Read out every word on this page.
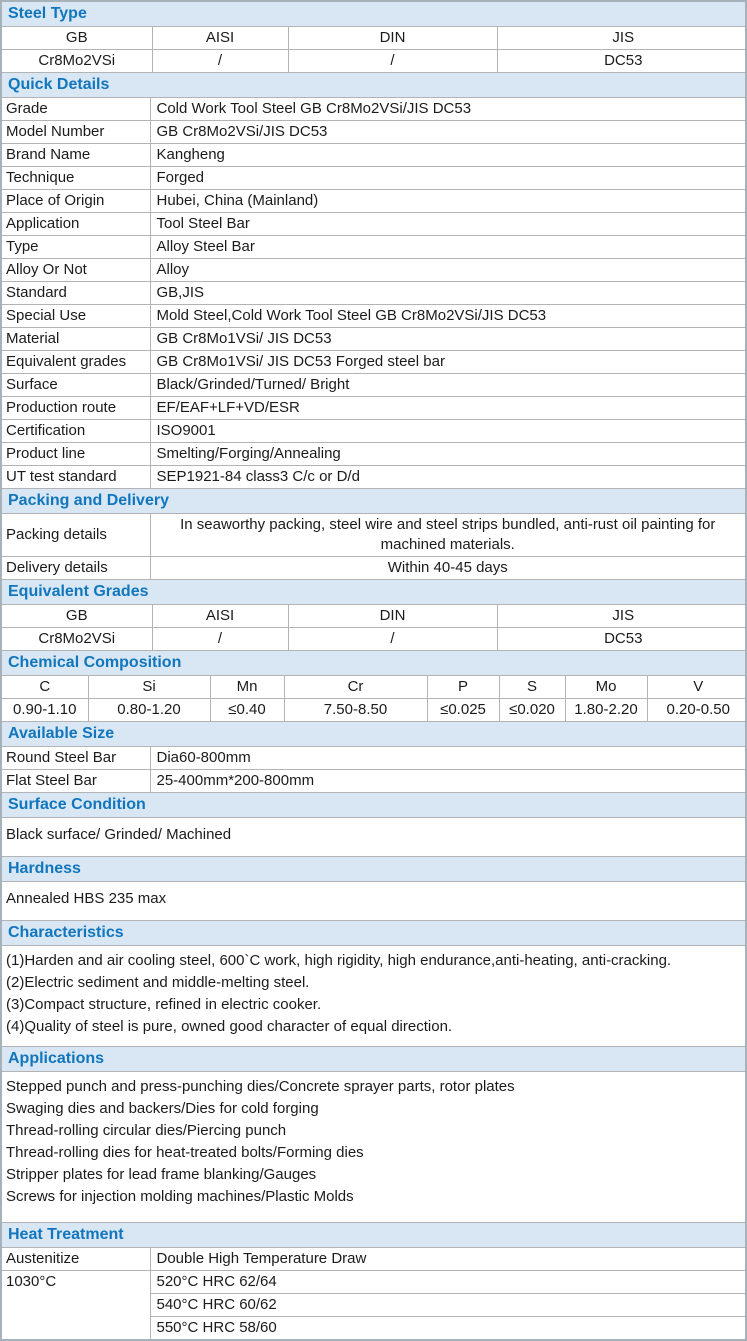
Steel Type
GB	AISI	DIN	JIS
Cr8Mo2VSi	/	/	DC53
Quick Details
Grade	Cold Work Tool Steel GB Cr8Mo2VSi/JIS DC53
Model Number	GB Cr8Mo2VSi/JIS DC53
Brand Name	Kangheng
Technique	Forged
Place of Origin	Hubei, China (Mainland)
Application	Tool Steel Bar
Type	Alloy Steel Bar
Alloy Or Not	Alloy
Standard	GB,JIS
Special Use	Mold Steel,Cold Work Tool Steel GB Cr8Mo2VSi/JIS DC53
Material	GB Cr8Mo1VSi/ JIS DC53
Equivalent grades	GB Cr8Mo1VSi/ JIS DC53 Forged steel bar
Surface	Black/Grinded/Turned/ Bright
Production route	EF/EAF+LF+VD/ESR
Certification	ISO9001
Product line	Smelting/Forging/Annealing
UT test standard	SEP1921-84 class3 C/c or D/d
Packing and Delivery
Packing details	In seaworthy packing, steel wire and steel strips bundled, anti-rust oil painting for machined materials.
Delivery details	Within 40-45 days
Equivalent Grades
GB	AISI	DIN	JIS
Cr8Mo2VSi	/	/	DC53
Chemical Composition
C	Si	Mn	Cr	P	S	Mo	V
0.90-1.10	0.80-1.20	≤0.40	7.50-8.50	≤0.025	≤0.020	1.80-2.20	0.20-0.50
Available Size
Round Steel Bar	Dia60-800mm
Flat Steel Bar	25-400mm*200-800mm
Surface Condition
Black surface/ Grinded/ Machined
Hardness
Annealed HBS 235 max
Characteristics
(1)Harden and air cooling steel, 600`C work, high rigidity, high endurance,anti-heating, anti-cracking.
(2)Electric sediment and middle-melting steel.
(3)Compact structure, refined in electric cooker.
(4)Quality of steel is pure, owned good character of equal direction.
Applications
Stepped punch and press-punching dies/Concrete sprayer parts, rotor plates
Swaging dies and backers/Dies for cold forging
Thread-rolling circular dies/Piercing punch
Thread-rolling dies for heat-treated bolts/Forming dies
Stripper plates for lead frame blanking/Gauges
Screws for injection molding machines/Plastic Molds
Heat Treatment
Austenitize	Double High Temperature Draw
1030°C	520°C HRC 62/64
	540°C HRC 60/62
	550°C HRC 58/60
